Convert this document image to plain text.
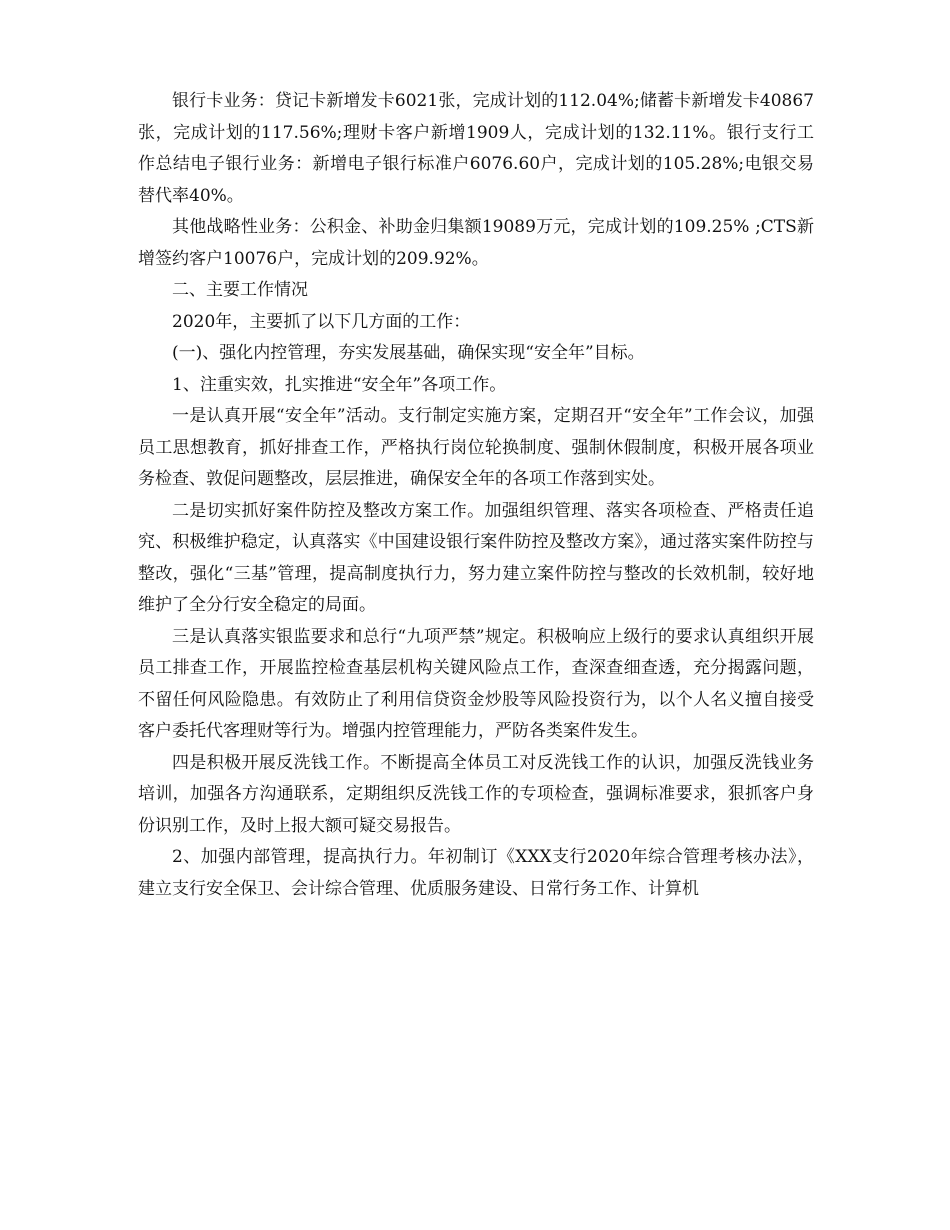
银行卡业务：贷记卡新增发卡6021张，完成计划的112.04%;储蓄卡新增发卡40867张，完成计划的117.56%;理财卡客户新增1909人，完成计划的132.11%。银行支行工作总结电子银行业务：新增电子银行标准户6076.60户，完成计划的105.28%;电银交易替代率40%。

其他战略性业务：公积金、补助金归集额19089万元，完成计划的109.25% ;CTS新增签约客户10076户，完成计划的209.92%。

二、主要工作情况

2020年，主要抓了以下几方面的工作：

(一)、强化内控管理，夯实发展基础，确保实现“安全年”目标。

1、注重实效，扎实推进“安全年”各项工作。

一是认真开展“安全年”活动。支行制定实施方案，定期召开“安全年”工作会议，加强员工思想教育，抓好排查工作，严格执行岗位轮换制度、强制休假制度，积极开展各项业务检查、敦促问题整改，层层推进，确保安全年的各项工作落到实处。

二是切实抓好案件防控及整改方案工作。加强组织管理、落实各项检查、严格责任追究、积极维护稳定，认真落实《中国建设银行案件防控及整改方案》，通过落实案件防控与整改，强化“三基”管理，提高制度执行力，努力建立案件防控与整改的长效机制，较好地维护了全分行安全稳定的局面。

三是认真落实银监要求和总行“九项严禁”规定。积极响应上级行的要求认真组织开展员工排查工作，开展监控检查基层机构关键风险点工作，查深查细查透，充分揭露问题，不留任何风险隐患。有效防止了利用信贷资金炒股等风险投资行为，以个人名义擅自接受客户委托代客理财等行为。增强内控管理能力，严防各类案件发生。

四是积极开展反洗钱工作。不断提高全体员工对反洗钱工作的认识，加强反洗钱业务培训，加强各方沟通联系，定期组织反洗钱工作的专项检查，强调标准要求，狠抓客户身份识别工作，及时上报大额可疑交易报告。

2、加强内部管理，提高执行力。年初制订《XXX支行2020年综合管理考核办法》，建立支行安全保卫、会计综合管理、优质服务建设、日常行务工作、计算机
